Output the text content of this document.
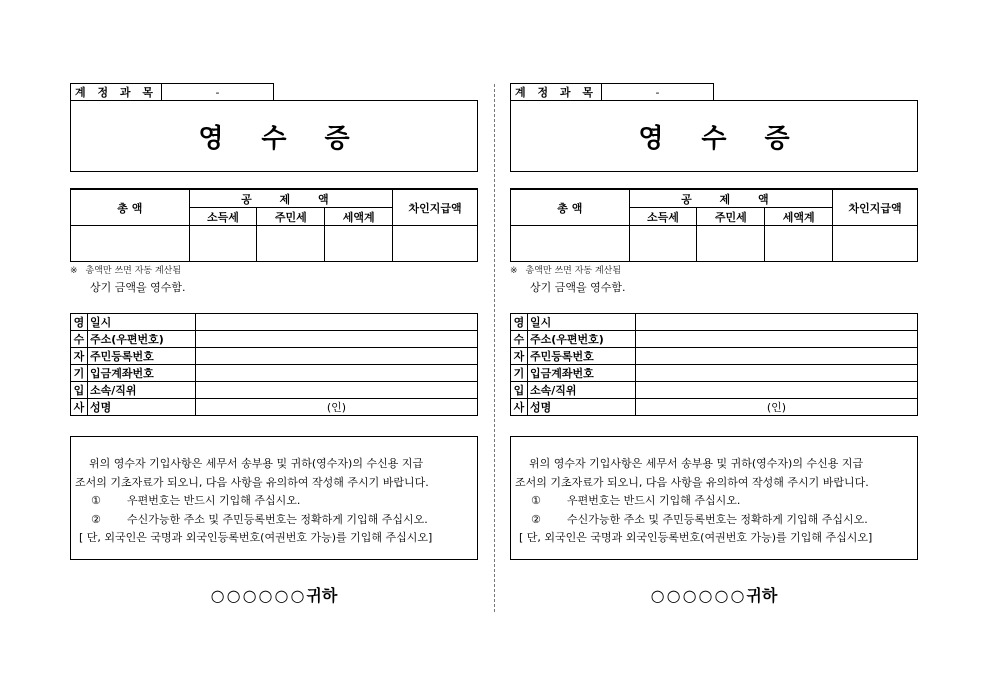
계 정 과 목	-
영수증
총 액	공 제 액			차인지급액
	소득세	주민세	세액계	

※ 총액만 쓰면 자동 계산됨
상기 금액을 영수함.
영	일시	
수	주소(우편번호)	
자	주민등록번호	
기	입금계좌번호	
입	소속/직위	
사	성명	(인)
위의 영수자 기입사항은 세무서 송부용 및 귀하(영수자)의 수신용 지급
조서의 기초자료가 되오니, 다음 사항을 유의하여 작성해 주시기 바랍니다.
① 우편번호는 반드시 기입해 주십시오.
② 수신가능한 주소 및 주민등록번호는 정확하게 기입해 주십시오.
[ 단, 외국인은 국명과 외국인등록번호(여권번호 가능)를 기입해 주십시오]
○○○○○○귀하
계 정 과 목	-
영수증
총 액	공 제 액			차인지급액
	소득세	주민세	세액계	

※ 총액만 쓰면 자동 계산됨
상기 금액을 영수함.
영	일시	
수	주소(우편번호)	
자	주민등록번호	
기	입금계좌번호	
입	소속/직위	
사	성명	(인)
위의 영수자 기입사항은 세무서 송부용 및 귀하(영수자)의 수신용 지급
조서의 기초자료가 되오니, 다음 사항을 유의하여 작성해 주시기 바랍니다.
① 우편번호는 반드시 기입해 주십시오.
② 수신가능한 주소 및 주민등록번호는 정확하게 기입해 주십시오.
[ 단, 외국인은 국명과 외국인등록번호(여권번호 가능)를 기입해 주십시오]
○○○○○○귀하
